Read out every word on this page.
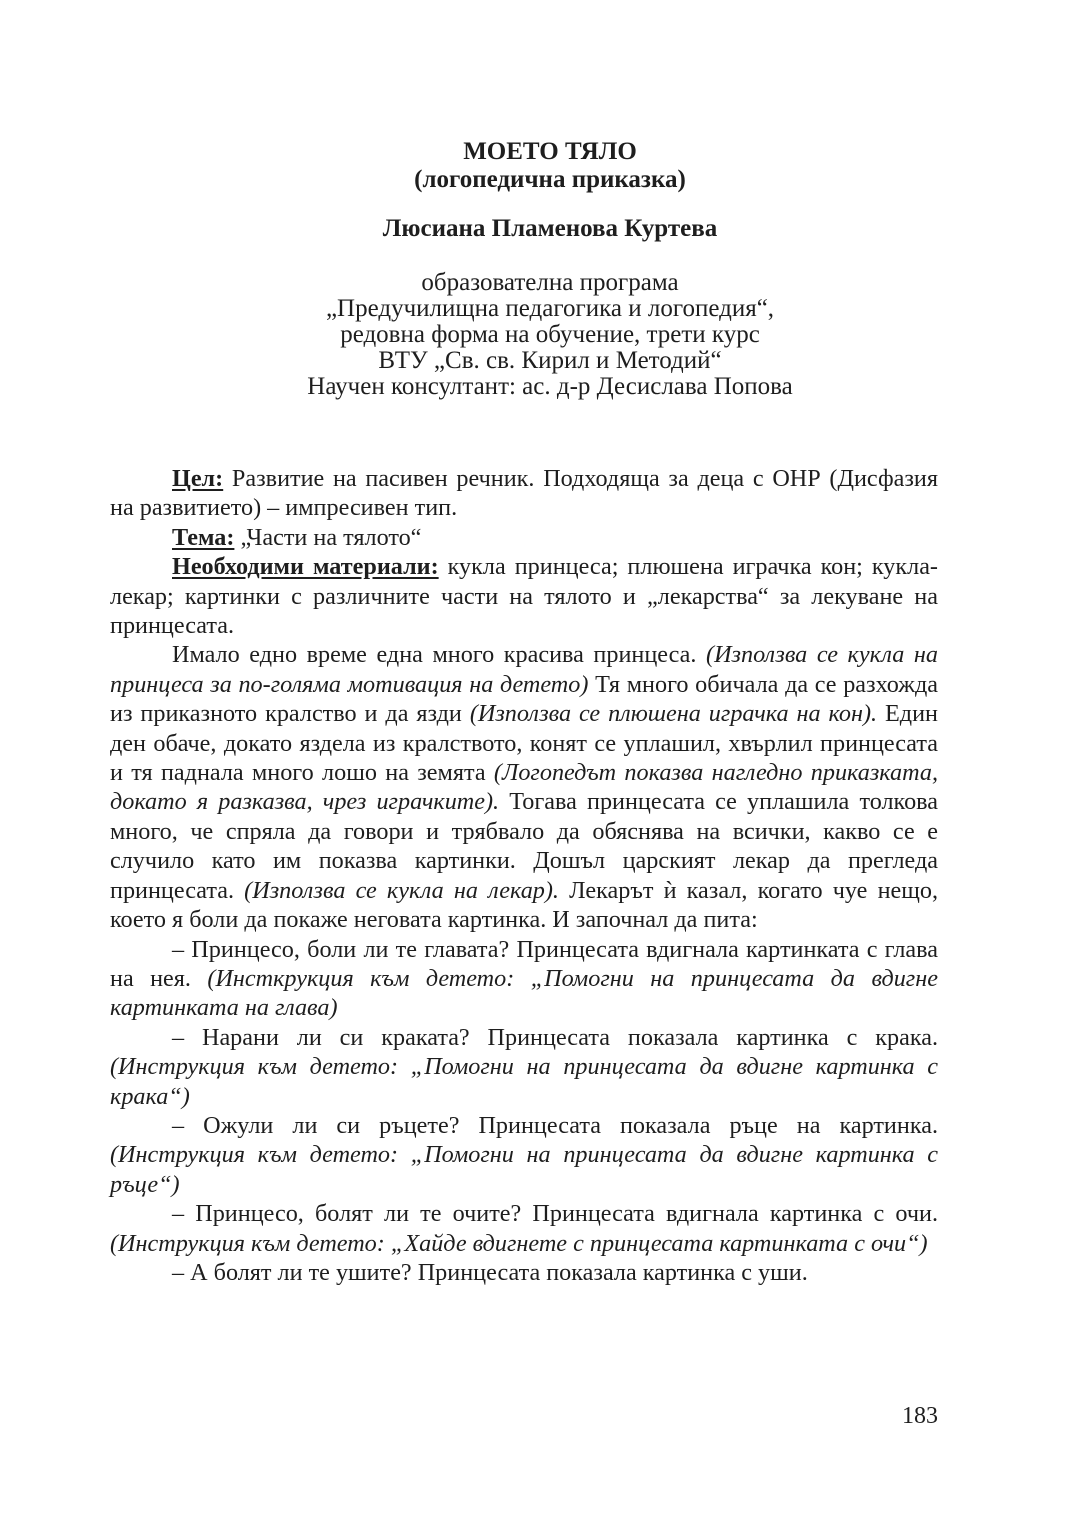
МОЕТО ТЯЛО
(логопедична приказка)
Люсиана Пламенова Куртева
образователна програма
„Предучилищна педагогика и логопедия“,
редовна форма на обучение, трети курс
ВТУ „Св. св. Кирил и Методий“
Научен консултант: ас. д-р Десислава Попова

Цел: Развитие на пасивен речник. Подходяща за деца с ОНР (Дисфазия на развитието) – импресивен тип.

Тема: „Части на тялото“

Необходими материали: кукла принцеса; плюшена играчка кон; кукла-лекар; картинки с различните части на тялото и „лекарства“ за лекуване на принцесата.

Имало едно време една много красива принцеса. (Използва се кукла на принцеса за по-голяма мотивация на детето) Тя много обичала да се разхожда из приказното кралство и да язди (Използва се плюшена играчка на кон). Един ден обаче, докато яздела из кралството, конят се уплашил, хвърлил принцесата и тя паднала много лошо на земята (Логопедът показва нагледно приказката, докато я разказва, чрез играчките). Тогава принцесата се уплашила толкова много, че спряла да говори и трябвало да обяснява на всички, какво се е случило като им показва картинки. Дошъл царският лекар да прегледа принцесата. (Използва се кукла на лекар). Лекарът ѝ казал, когато чуе нещо, което я боли да покаже неговата картинка. И започнал да пита:

– Принцесо, боли ли те главата? Принцесата вдигнала картинката с глава на нея. (Инсткрукция към детето: „Помогни на принцесата да вдигне картинката на глава)

– Нарани ли си краката? Принцесата показала картинка с крака. (Инструкция към детето: „Помогни на принцесата да вдигне картинка с крака“)

– Ожули ли си ръцете? Принцесата показала ръце на картинка. (Инструкция към детето: „Помогни на принцесата да вдигне картинка с ръце“)

– Принцесо, болят ли те очите? Принцесата вдигнала картинка с очи. (Инструкция към детето: „Хайде вдигнете с принцесата картинката с очи“)

– А болят ли те ушите? Принцесата показала картинка с уши.

183
